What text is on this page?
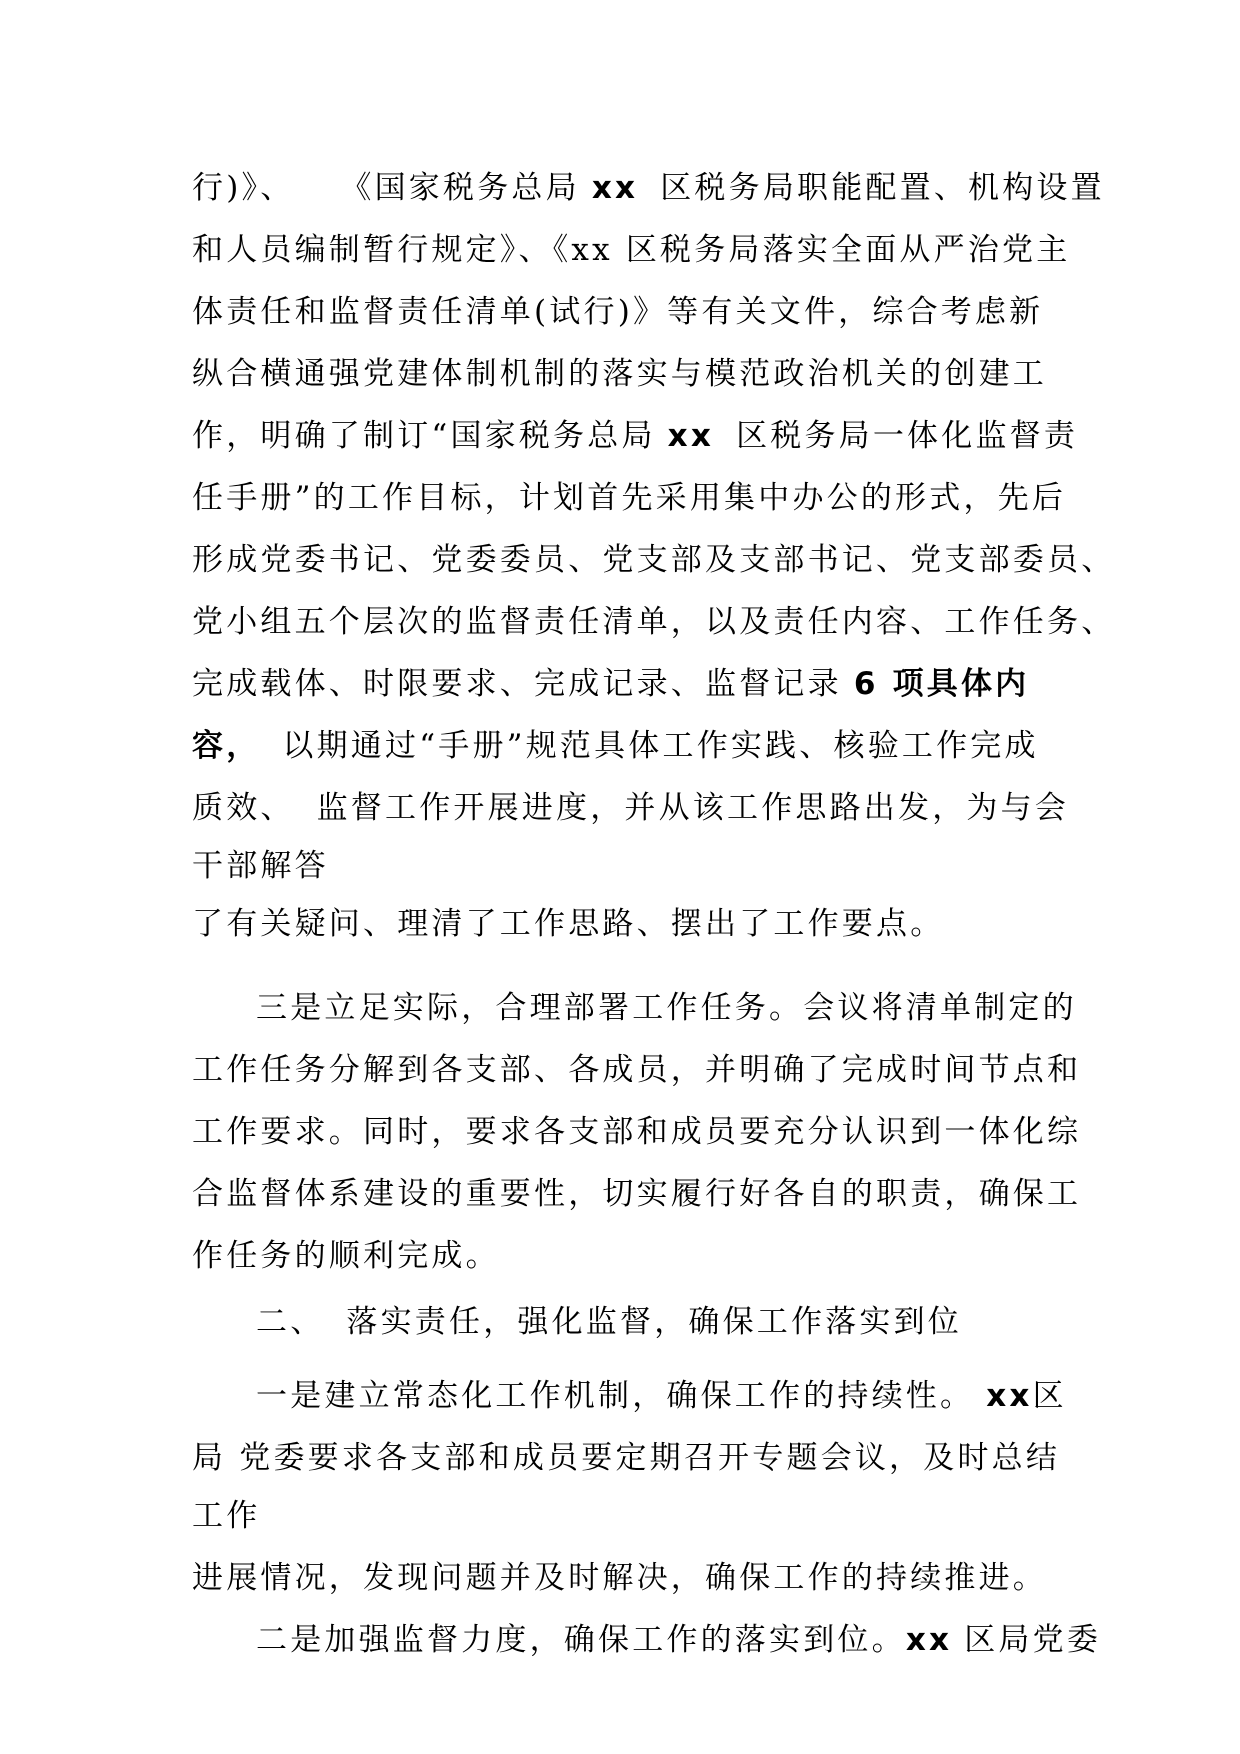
行)》、 《国家税务总局 xx 区税务局职能配置、机构设置
和人员编制暂行规定》、《xx 区税务局落实全面从严治党主
体责任和监督责任清单(试行)》等有关文件，综合考虑新
纵合横通强党建体制机制的落实与模范政治机关的创建工
作，明确了制订“国家税务总局 xx 区税务局一体化监督责
任手册”的工作目标，计划首先采用集中办公的形式，先后
形成党委书记、党委委员、党支部及支部书记、党支部委员、
党小组五个层次的监督责任清单，以及责任内容、工作任务、
完成载体、时限要求、完成记录、监督记录 6 项具体内
容， 以期通过“手册”规范具体工作实践、核验工作完成
质效、 监督工作开展进度，并从该工作思路出发，为与会
干部解答
了有关疑问、理清了工作思路、摆出了工作要点。
三是立足实际，合理部署工作任务。会议将清单制定的
工作任务分解到各支部、各成员，并明确了完成时间节点和
工作要求。同时，要求各支部和成员要充分认识到一体化综
合监督体系建设的重要性，切实履行好各自的职责，确保工
作任务的顺利完成。
二、 落实责任，强化监督，确保工作落实到位
一是建立常态化工作机制，确保工作的持续性。 xx区
局 党委要求各支部和成员要定期召开专题会议，及时总结
工作
进展情况，发现问题并及时解决，确保工作的持续推进。
二是加强监督力度，确保工作的落实到位。xx 区局党委
